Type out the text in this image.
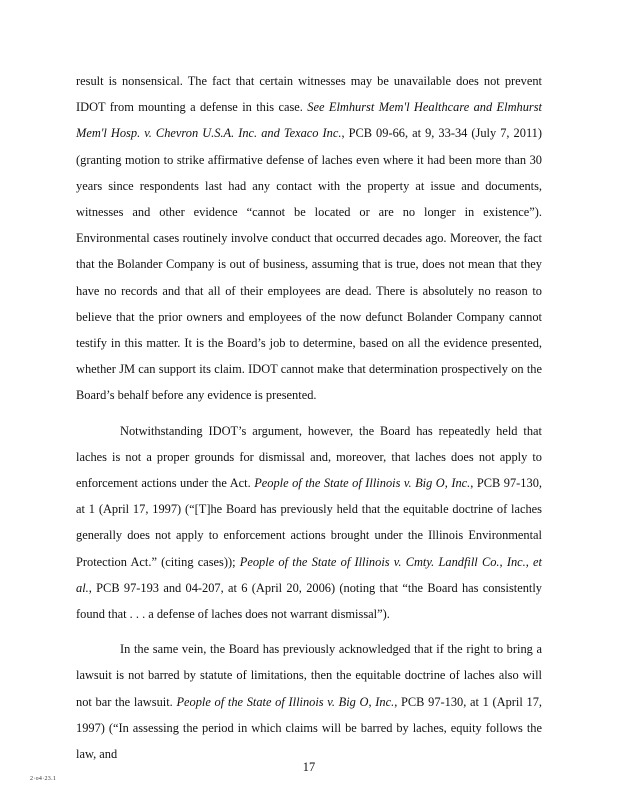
result is nonsensical. The fact that certain witnesses may be unavailable does not prevent IDOT from mounting a defense in this case. See Elmhurst Mem'l Healthcare and Elmhurst Mem'l Hosp. v. Chevron U.S.A. Inc. and Texaco Inc., PCB 09-66, at 9, 33-34 (July 7, 2011) (granting motion to strike affirmative defense of laches even where it had been more than 30 years since respondents last had any contact with the property at issue and documents, witnesses and other evidence “cannot be located or are no longer in existence”). Environmental cases routinely involve conduct that occurred decades ago. Moreover, the fact that the Bolander Company is out of business, assuming that is true, does not mean that they have no records and that all of their employees are dead. There is absolutely no reason to believe that the prior owners and employees of the now defunct Bolander Company cannot testify in this matter. It is the Board’s job to determine, based on all the evidence presented, whether JM can support its claim. IDOT cannot make that determination prospectively on the Board’s behalf before any evidence is presented.

Notwithstanding IDOT’s argument, however, the Board has repeatedly held that laches is not a proper grounds for dismissal and, moreover, that laches does not apply to enforcement actions under the Act. People of the State of Illinois v. Big O, Inc., PCB 97-130, at 1 (April 17, 1997) (“[T]he Board has previously held that the equitable doctrine of laches generally does not apply to enforcement actions brought under the Illinois Environmental Protection Act.” (citing cases)); People of the State of Illinois v. Cmty. Landfill Co., Inc., et al., PCB 97-193 and 04-207, at 6 (April 20, 2006) (noting that “the Board has consistently found that . . . a defense of laches does not warrant dismissal”).

In the same vein, the Board has previously acknowledged that if the right to bring a lawsuit is not barred by statute of limitations, then the equitable doctrine of laches also will not bar the lawsuit. People of the State of Illinois v. Big O, Inc., PCB 97-130, at 1 (April 17, 1997) (“In assessing the period in which claims will be barred by laches, equity follows the law, and

17
2·o4·23.1
